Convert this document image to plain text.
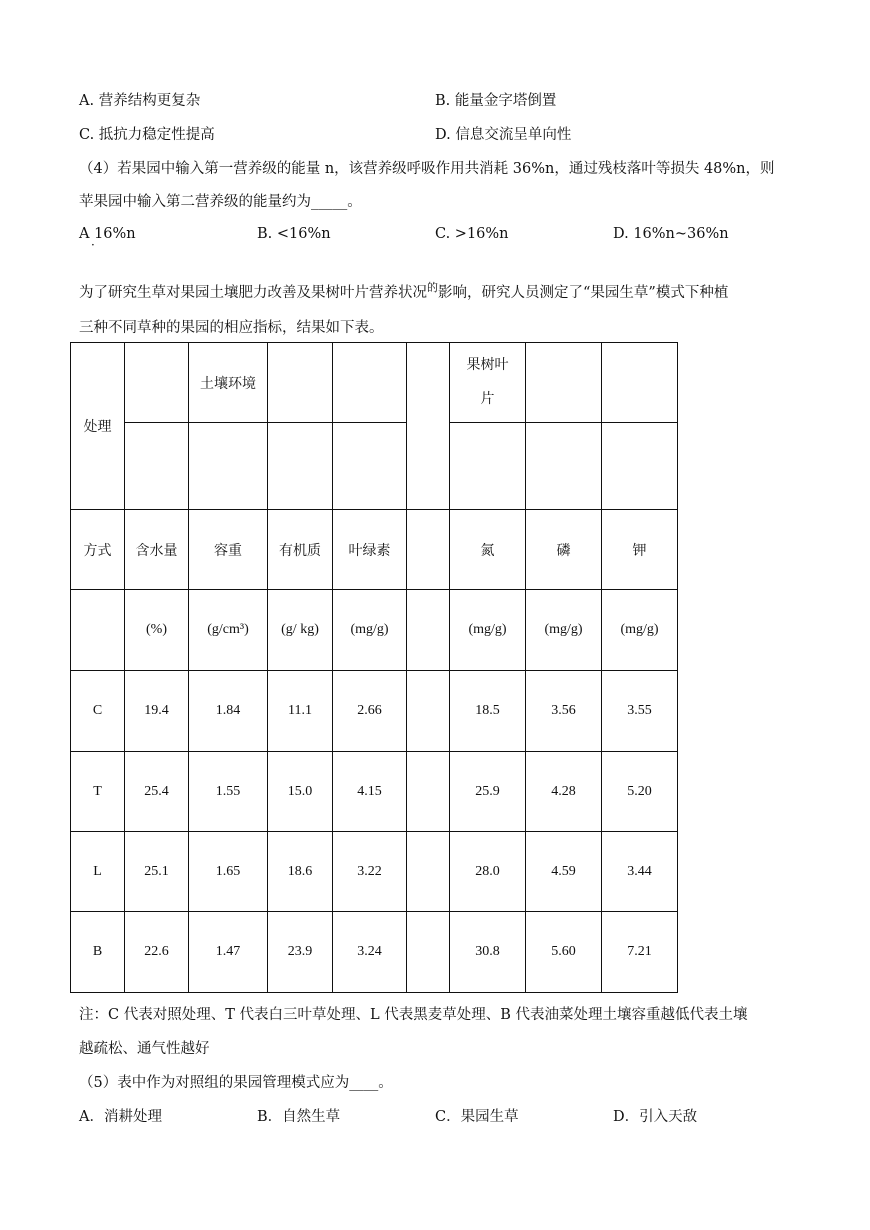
A. 营养结构更复杂	B. 能量金字塔倒置
C. 抵抗力稳定性提高	D. 信息交流呈单向性
（4）若果园中输入第一营养级的能量 n，该营养级呼吸作用共消耗 36%n，通过残枝落叶等损失 48%n，则
苹果园中输入第二营养级的能量约为_____。
A 16%n
·
B. <16%n	C. >16%n	D. 16%n~36%n
为了研究生草对果园土壤肥力改善及果树叶片营养状况$^的$影响，研究人员测定了“果园生草”模式下种植
三种不同草种的果园的相应指标，结果如下表。
处理		土壤环境				果树叶
片		

方式	含水量	容重	有机质	叶绿素		氮	磷	钾
	(%)	(g/cm³)	(g/ kg)	(mg/g)		(mg/g)	(mg/g)	(mg/g)
C	19.4	1.84	11.1	2.66		18.5	3.56	3.55
T	25.4	1.55	15.0	4.15		25.9	4.28	5.20
L	25.1	1.65	18.6	3.22		28.0	4.59	3.44
B	22.6	1.47	23.9	3.24		30.8	5.60	7.21
注：C 代表对照处理、T 代表白三叶草处理、L 代表黑麦草处理、B 代表油菜处理土壤容重越低代表土壤
越疏松、通气性越好
（5）表中作为对照组的果园管理模式应为____。
A．消耕处理	B．自然生草	C．果园生草	D．引入天敌
